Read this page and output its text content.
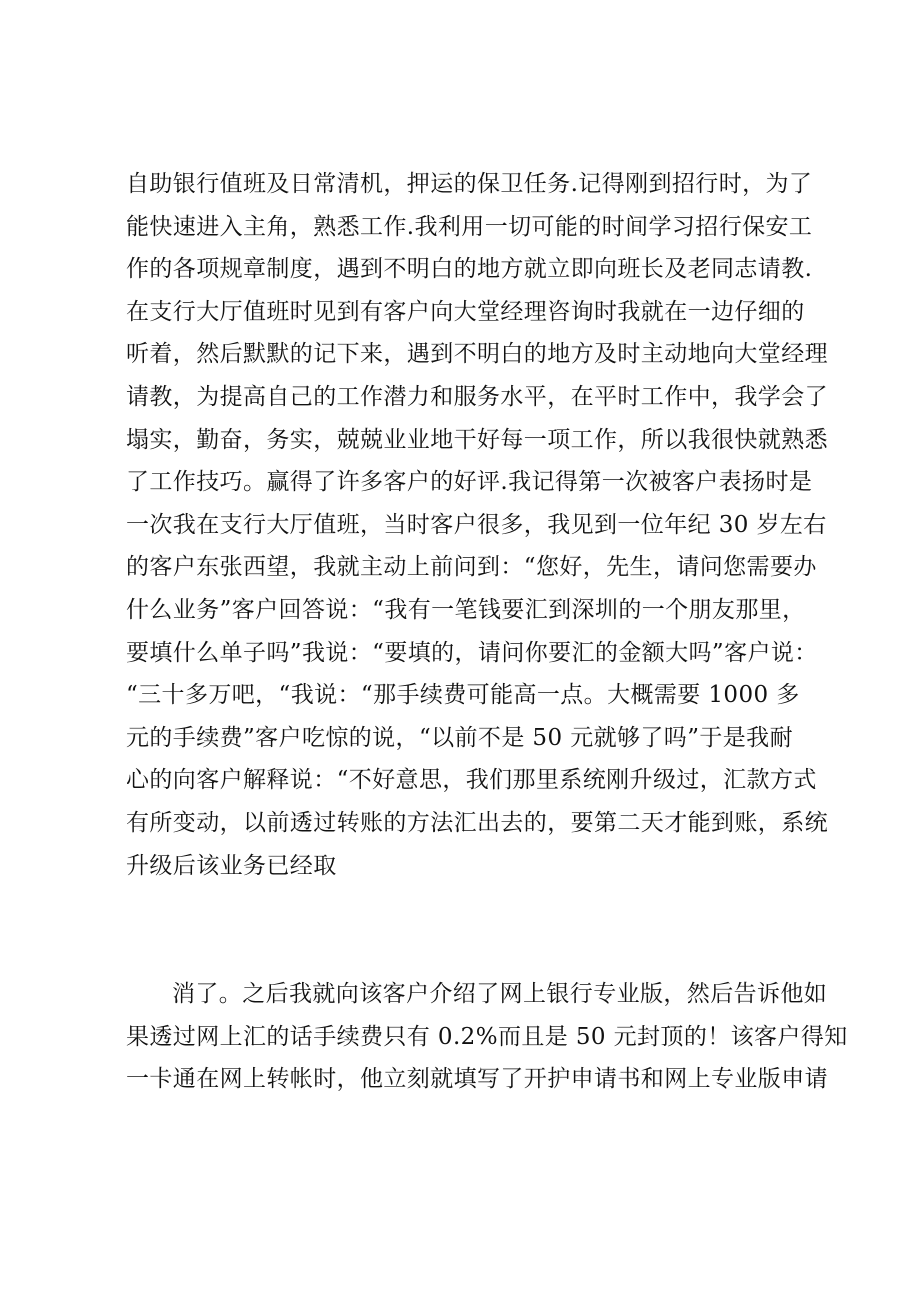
自助银行值班及日常清机，押运的保卫任务.记得刚到招行时，为了
能快速进入主角，熟悉工作.我利用一切可能的时间学习招行保安工
作的各项规章制度，遇到不明白的地方就立即向班长及老同志请教.
在支行大厅值班时见到有客户向大堂经理咨询时我就在一边仔细的
听着，然后默默的记下来，遇到不明白的地方及时主动地向大堂经理
请教，为提高自己的工作潜力和服务水平，在平时工作中，我学会了
塌实，勤奋，务实，兢兢业业地干好每一项工作，所以我很快就熟悉
了工作技巧。赢得了许多客户的好评.我记得第一次被客户表扬时是
一次我在支行大厅值班，当时客户很多，我见到一位年纪 30 岁左右
的客户东张西望，我就主动上前问到：“您好，先生，请问您需要办
什么业务”客户回答说：“我有一笔钱要汇到深圳的一个朋友那里，
要填什么单子吗”我说：“要填的，请问你要汇的金额大吗”客户说：
“三十多万吧，“我说：“那手续费可能高一点。大概需要 1000 多
元的手续费”客户吃惊的说，“以前不是 50 元就够了吗”于是我耐
心的向客户解释说：“不好意思，我们那里系统刚升级过，汇款方式
有所变动，以前透过转账的方法汇出去的，要第二天才能到账，系统
升级后该业务已经取
消了。之后我就向该客户介绍了网上银行专业版，然后告诉他如
果透过网上汇的话手续费只有 0.2%而且是 50 元封顶的！该客户得知
一卡通在网上转帐时，他立刻就填写了开护申请书和网上专业版申请
